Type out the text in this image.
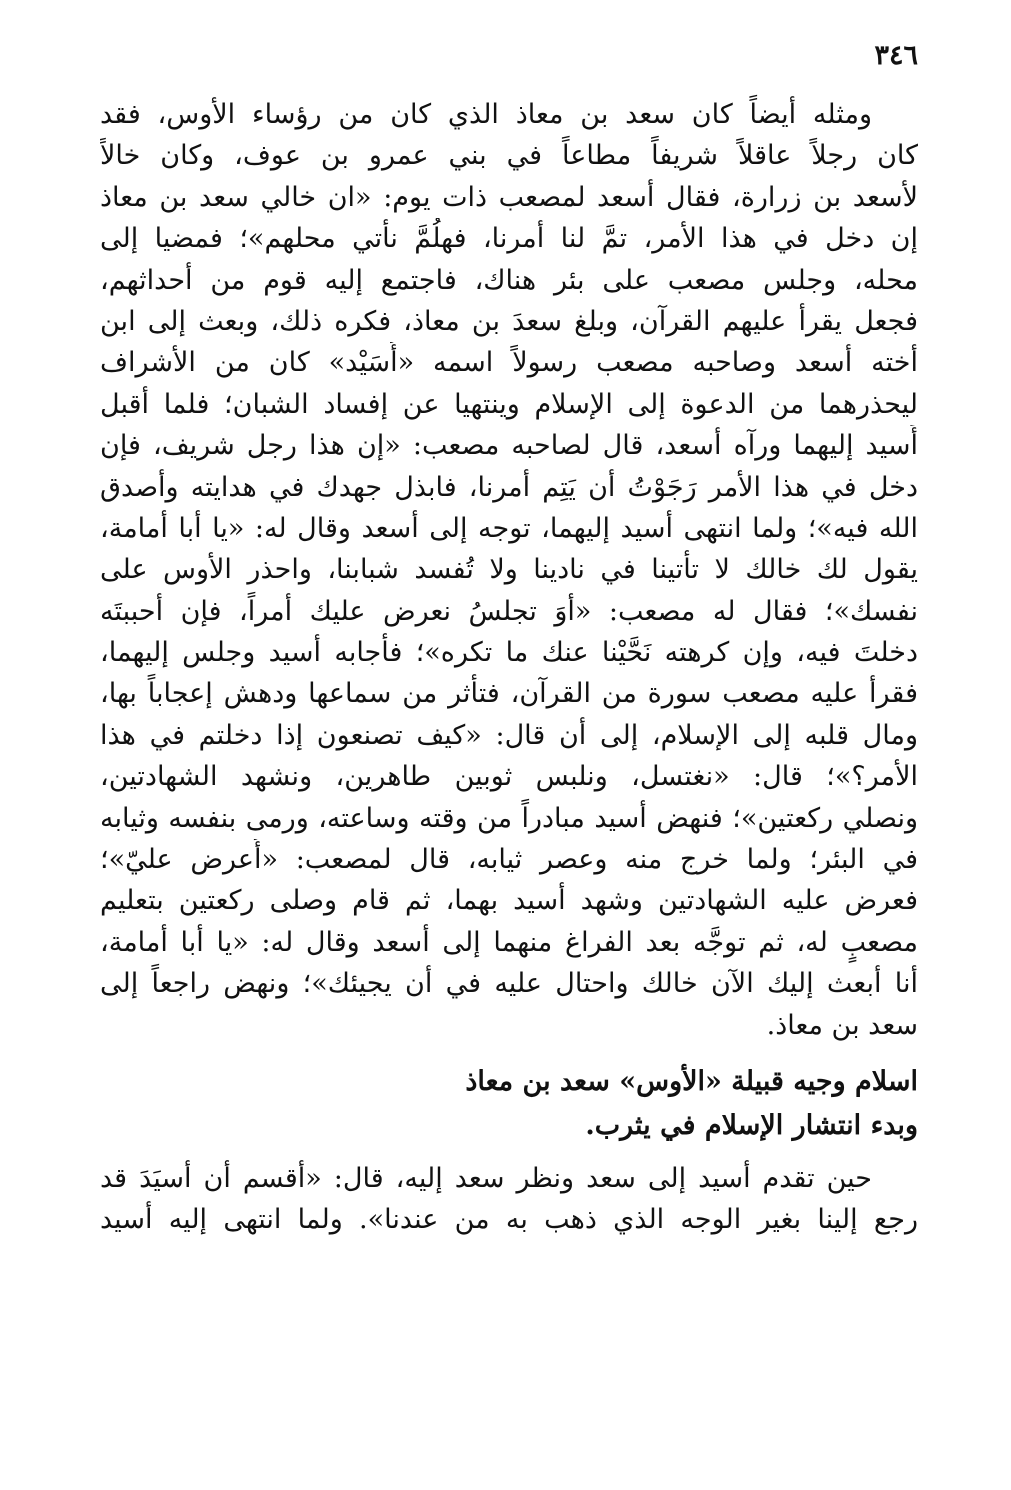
٣٤٦
ومثله أيضاً كان سعد بن معاذ الذي كان من رؤساء الأوس، فقد
كان رجلاً عاقلاً شريفاً مطاعاً في بني عمرو بن عوف، وكان خالاً
لأسعد بن زرارة، فقال أسعد لمصعب ذات يوم: «ان خالي سعد بن معاذ
إن دخل في هذا الأمر، تمَّ لنا أمرنا، فهلُمَّ نأتي محلهم»؛ فمضيا إلى
محله، وجلس مصعب على بئر هناك، فاجتمع إليه قوم من أحداثهم،
فجعل يقرأ عليهم القرآن، وبلغ سعدَ بن معاذ، فكره ذلك، وبعث إلى ابن
أخته أسعد وصاحبه مصعب رسولاً اسمه «أُسَيْد» كان من الأشراف
ليحذرهما من الدعوة إلى الإسلام وينتهيا عن إفساد الشبان؛ فلما أقبل
أَسيد إليهما ورآه أسعد، قال لصاحبه مصعب: «إن هذا رجل شريف، فإن
دخل في هذا الأمر رَجَوْتُ أن يَتِم أمرنا، فابذل جهدك في هدايته وأصدق
الله فيه»؛ ولما انتهى أسيد إليهما، توجه إلى أسعد وقال له: «يا أبا أمامة،
يقول لك خالك لا تأتينا في نادينا ولا تُفسد شبابنا، واحذر الأوس على
نفسك»؛ فقال له مصعب: «أوَ تجلسُ نعرض عليك أمراً، فإن أحببتَه
دخلتَ فيه، وإن كرهته نَحَّيْنا عنك ما تكره»؛ فأجابه أسيد وجلس إليهما،
فقرأ عليه مصعب سورة من القرآن، فتأثر من سماعها ودهش إعجاباً بها،
ومال قلبه إلى الإسلام، إلى أن قال: «كيف تصنعون إذا دخلتم في هذا
الأمر؟»؛ قال: «نغتسل، ونلبس ثوبين طاهرين، ونشهد الشهادتين،
ونصلي ركعتين»؛ فنهض أسيد مبادراً من وقته وساعته، ورمى بنفسه وثيابه
في البئر؛ ولما خرج منه وعصر ثيابه، قال لمصعب: «أُعرض عليّ»؛
فعرض عليه الشهادتين وشهد أسيد بهما، ثم قام وصلى ركعتين بتعليم
مصعبٍ له، ثم توجَّه بعد الفراغ منهما إلى أسعد وقال له: «يا أبا أمامة،
أنا أبعث إليك الآن خالك واحتال عليه في أن يجيئك»؛ ونهض راجعاً إلى
سعد بن معاذ.
اسلام وجيه قبيلة «الأوس» سعد بن معاذ
وبدء انتشار الإسلام في يثرب.
حين تقدم أسيد إلى سعد ونظر سعد إليه، قال: «أقسم أن أسيَدَ قد
رجع إلينا بغير الوجه الذي ذهب به من عندنا». ولما انتهى إليه أسيد
